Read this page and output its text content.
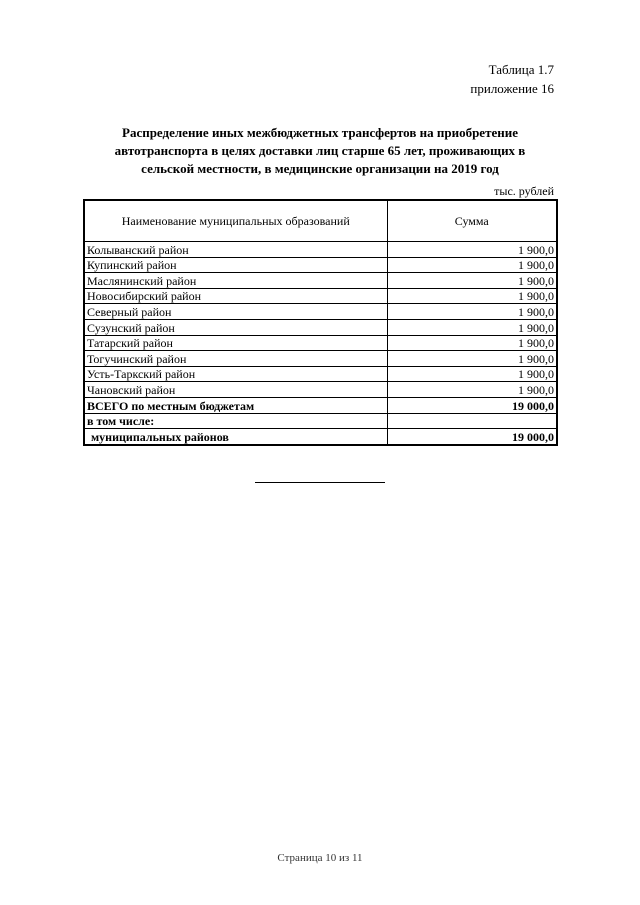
Таблица 1.7
приложение 16
Распределение иных межбюджетных трансфертов на приобретение автотранспорта в целях доставки лиц старше 65 лет, проживающих в сельской местности, в медицинские организации на 2019 год
тыс. рублей
Наименование муниципальных образований	Сумма
Колыванский район	1 900,0
Купинский район	1 900,0
Маслянинский район	1 900,0
Новосибирский район	1 900,0
Северный район	1 900,0
Сузунский район	1 900,0
Татарский район	1 900,0
Тогучинский район	1 900,0
Усть-Таркский район	1 900,0
Чановский район	1 900,0
ВСЕГО по местным бюджетам	19 000,0
в том числе:	
муниципальных районов	19 000,0
Страница 10 из 11
